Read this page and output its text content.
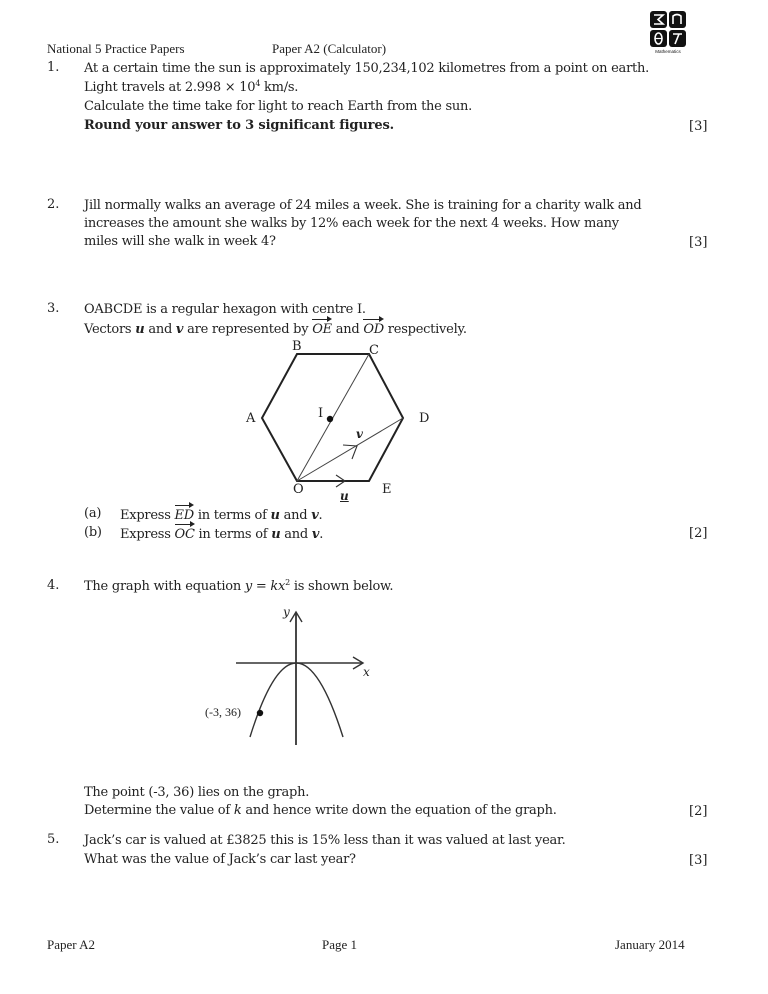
National 5 Practice Papers	Paper A2 (Calculator)	Mathematics
1. At a certain time the sun is approximately 150,234,102 kilometres from a point on earth.
Light travels at $2.998 \times 10^4$ km/s.
Calculate the time take for light to reach Earth from the sun.
Round your answer to 3 significant figures.	[3]
2. Jill normally walks an average of 24 miles a week. She is training for a charity walk and
increases the amount she walks by 12% each week for the next 4 weeks. How many
miles will she walk in week 4?	[3]
3. OABCDE is a regular hexagon with centre I.
Vectors u and v are represented by OE and OD respectively.
B	C
A	D
I
v
O	E
u
(a) Express ED in terms of u and v.
(b) Express OC in terms of u and v.	[2]
4. The graph with equation $y = kx^2$ is shown below.
y
x
(-3, 36)
The point (-3, 36) lies on the graph.
Determine the value of k and hence write down the equation of the graph.	[2]
5. Jack’s car is valued at £3825 this is 15% less than it was valued at last year.
What was the value of Jack’s car last year?	[3]
Paper A2	Page 1	January 2014
